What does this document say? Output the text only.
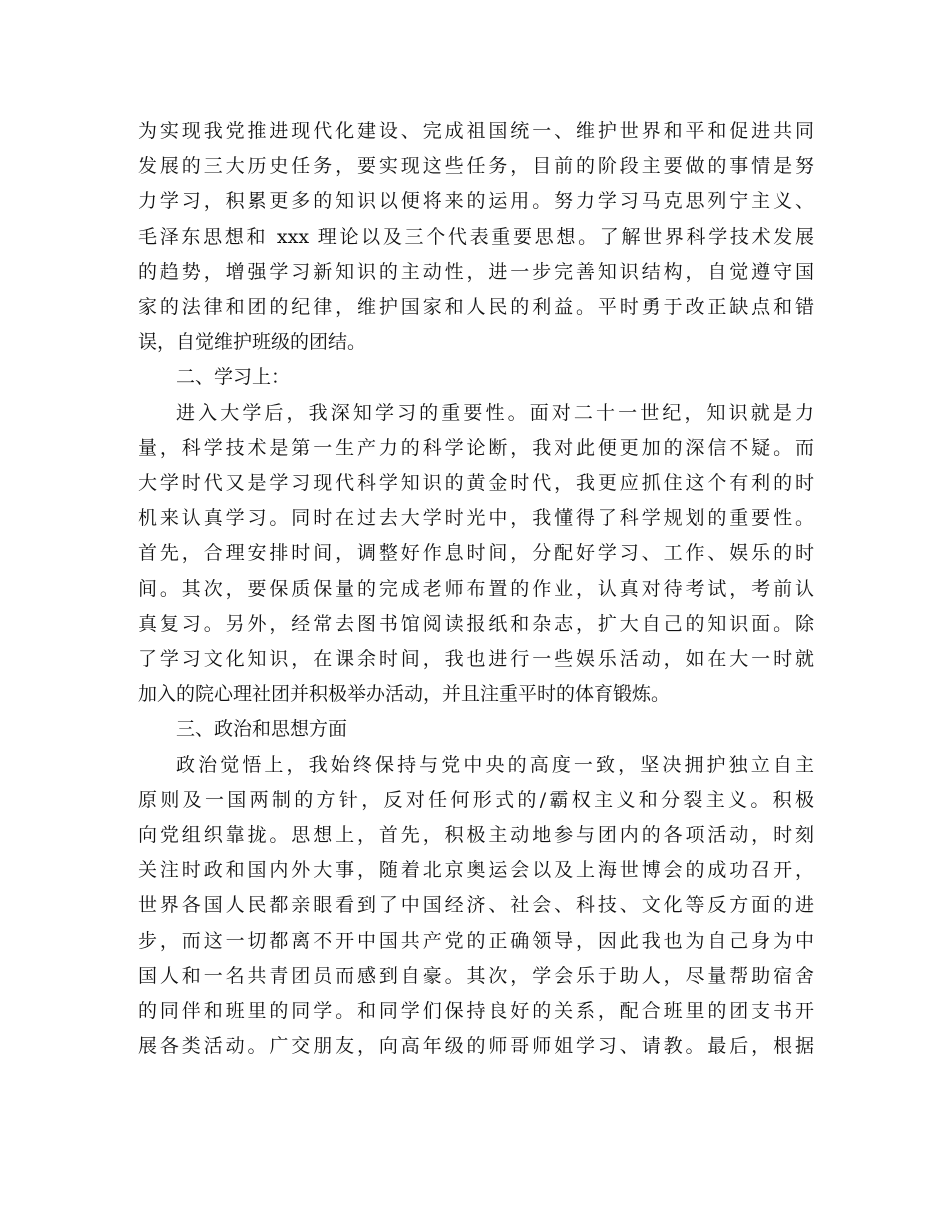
为实现我党推进现代化建设、完成祖国统一、维护世界和平和促进共同
发展的三大历史任务，要实现这些任务，目前的阶段主要做的事情是努
力学习，积累更多的知识以便将来的运用。努力学习马克思列宁主义、
毛泽东思想和 xxx 理论以及三个代表重要思想。了解世界科学技术发展
的趋势，增强学习新知识的主动性，进一步完善知识结构，自觉遵守国
家的法律和团的纪律，维护国家和人民的利益。平时勇于改正缺点和错
误，自觉维护班级的团结。

二、学习上：

进入大学后，我深知学习的重要性。面对二十一世纪，知识就是力
量，科学技术是第一生产力的科学论断，我对此便更加的深信不疑。而
大学时代又是学习现代科学知识的黄金时代，我更应抓住这个有利的时
机来认真学习。同时在过去大学时光中，我懂得了科学规划的重要性。
首先，合理安排时间，调整好作息时间，分配好学习、工作、娱乐的时
间。其次，要保质保量的完成老师布置的作业，认真对待考试，考前认
真复习。另外，经常去图书馆阅读报纸和杂志，扩大自己的知识面。除
了学习文化知识，在课余时间，我也进行一些娱乐活动，如在大一时就
加入的院心理社团并积极举办活动，并且注重平时的体育锻炼。

三、政治和思想方面

政治觉悟上，我始终保持与党中央的高度一致，坚决拥护独立自主
原则及一国两制的方针，反对任何形式的/霸权主义和分裂主义。积极
向党组织靠拢。思想上，首先，积极主动地参与团内的各项活动，时刻
关注时政和国内外大事，随着北京奥运会以及上海世博会的成功召开，
世界各国人民都亲眼看到了中国经济、社会、科技、文化等反方面的进
步，而这一切都离不开中国共产党的正确领导，因此我也为自己身为中
国人和一名共青团员而感到自豪。其次，学会乐于助人，尽量帮助宿舍
的同伴和班里的同学。和同学们保持良好的关系，配合班里的团支书开
展各类活动。广交朋友，向高年级的师哥师姐学习、请教。最后，根据
